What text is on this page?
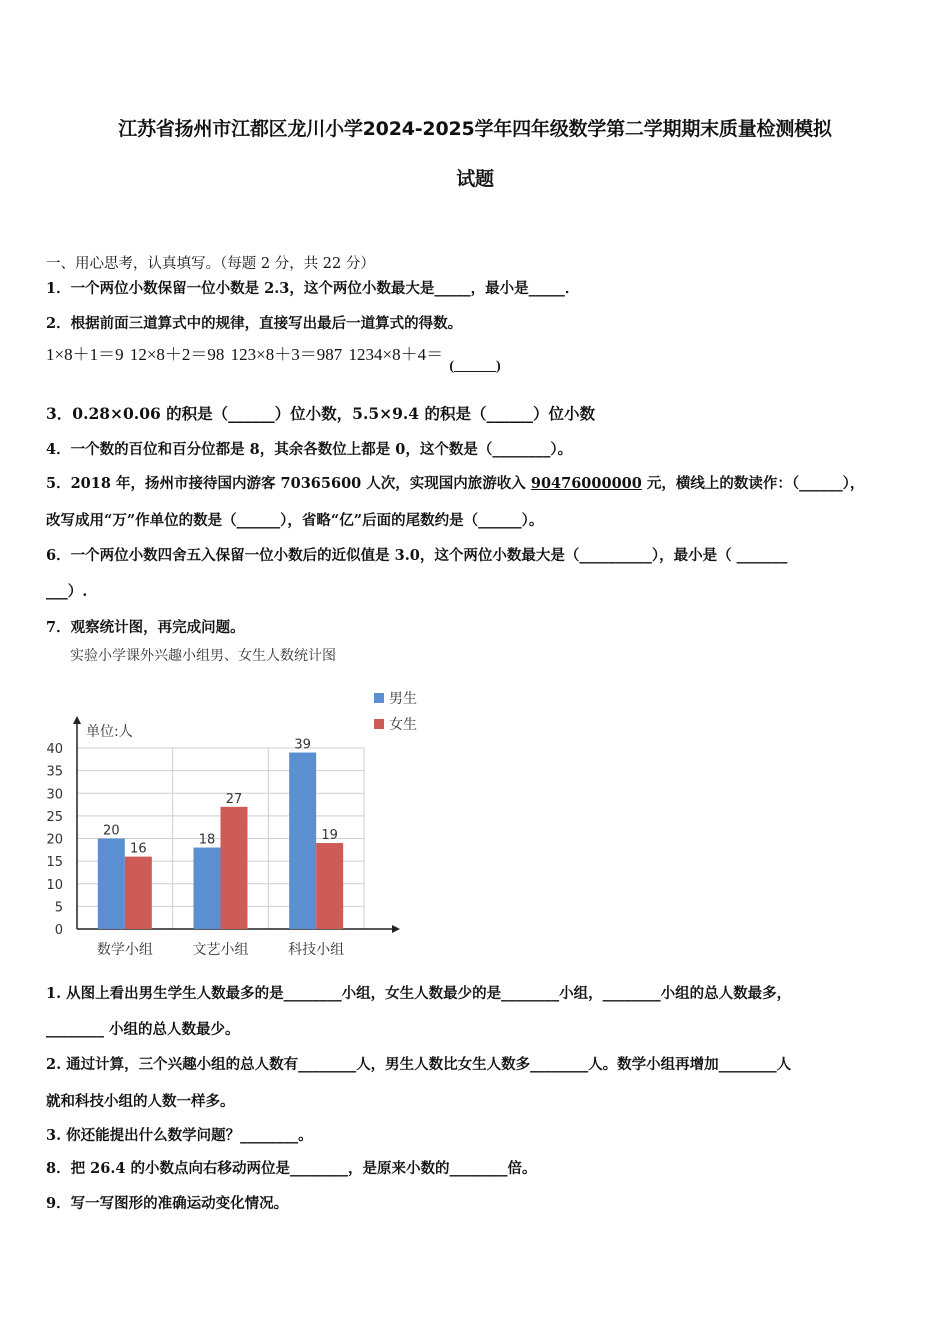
江苏省扬州市江都区龙川小学2024-2025学年四年级数学第二学期期末质量检测模拟
试题
一、用心思考，认真填写。（每题 2 分，共 22 分）
1．一个两位小数保留一位小数是 2.3，这个两位小数最大是_____，最小是_____．
2．根据前面三道算式中的规律，直接写出最后一道算式的得数。
1×8＋1＝9 12×8＋2＝98 123×8＋3＝987 1234×8＋4＝ $_{(\_\_\_\_\_\_)}$
3．0.28×0.06 的积是（______）位小数，5.5×9.4 的积是（______）位小数
4．一个数的百位和百分位都是 8，其余各数位上都是 0，这个数是（________）。
5．2018 年，扬州市接待国内游客 70365600 人次，实现国内旅游收入 90476000000 元，横线上的数读作：（______），
改写成用“万”作单位的数是（______），省略“亿”后面的尾数约是（______）。
6．一个两位小数四舍五入保留一位小数后的近似值是 3.0，这个两位小数最大是（__________），最小是（ _______
___）.
7．观察统计图，再完成问题。
实验小学课外兴趣小组男、女生人数统计图
0
5
10
15
20
25
30
35
40
单位:人
20
16
数学小组
18
27
文艺小组
39
19
科技小组
男生
女生
1. 从图上看出男生学生人数最多的是________小组，女生人数最少的是________小组，________小组的总人数最多，
________ 小组的总人数最少。
2. 通过计算，三个兴趣小组的总人数有________人，男生人数比女生人数多________人。数学小组再增加________人
就和科技小组的人数一样多。
3. 你还能提出什么数学问题？________。
8．把 26.4 的小数点向右移动两位是________，是原来小数的________倍。
9．写一写图形的准确运动变化情况。
